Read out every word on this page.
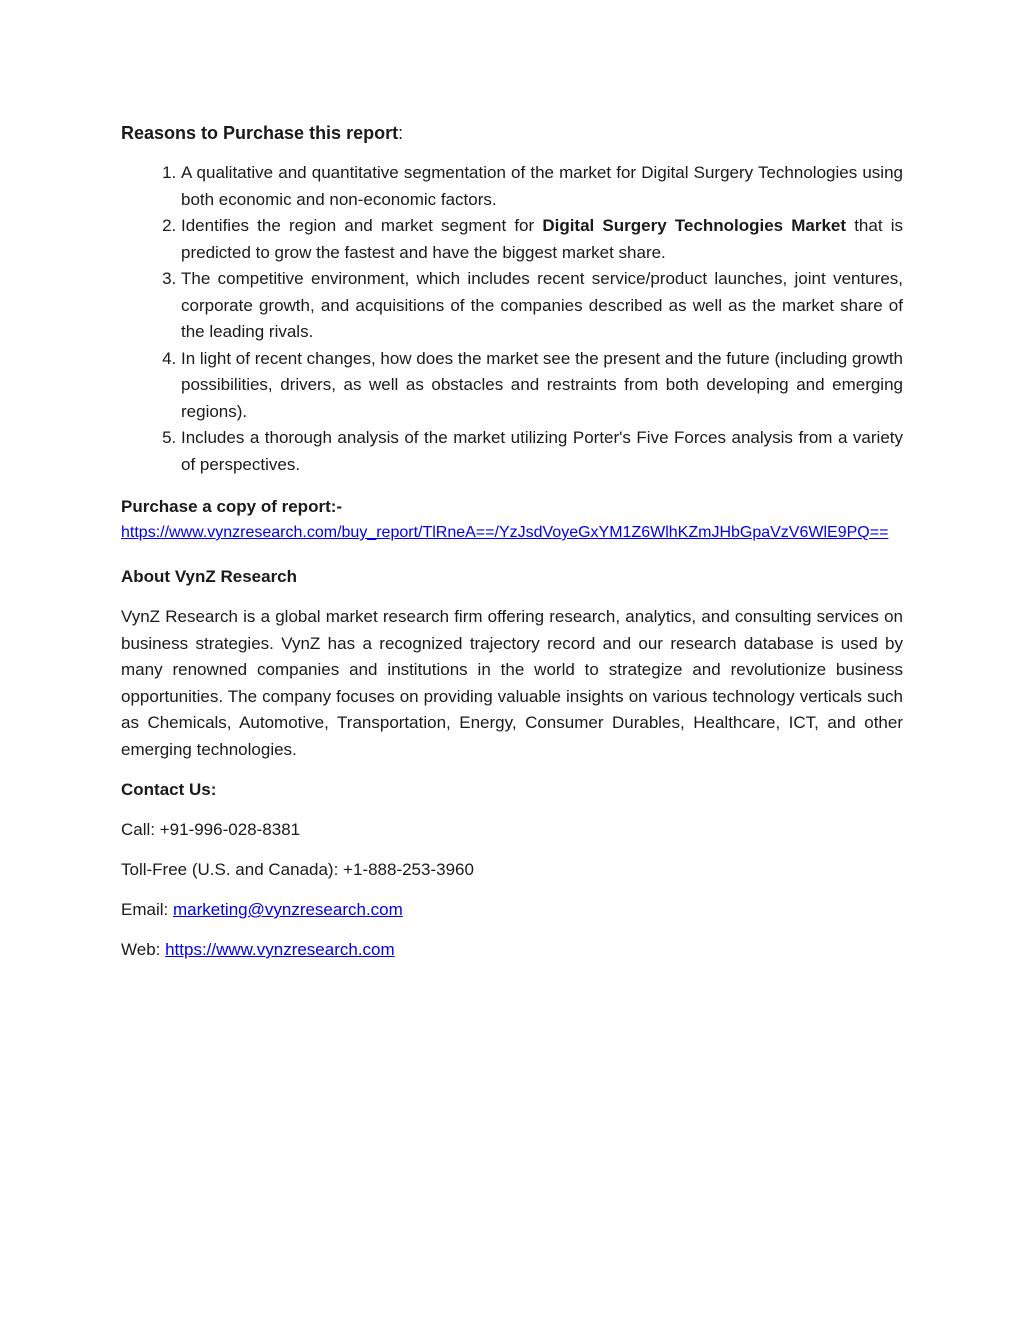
Reasons to Purchase this report:
1. A qualitative and quantitative segmentation of the market for Digital Surgery Technologies using both economic and non-economic factors.
2. Identifies the region and market segment for Digital Surgery Technologies Market that is predicted to grow the fastest and have the biggest market share.
3. The competitive environment, which includes recent service/product launches, joint ventures, corporate growth, and acquisitions of the companies described as well as the market share of the leading rivals.
4. In light of recent changes, how does the market see the present and the future (including growth possibilities, drivers, as well as obstacles and restraints from both developing and emerging regions).
5. Includes a thorough analysis of the market utilizing Porter's Five Forces analysis from a variety of perspectives.

Purchase a copy of report:-

https://www.vynzresearch.com/buy_report/TlRneA==/YzJsdVoyeGxYM1Z6WlhKZmJHbGpaVzV6WlE9PQ==

About VynZ Research

VynZ Research is a global market research firm offering research, analytics, and consulting services on business strategies. VynZ has a recognized trajectory record and our research database is used by many renowned companies and institutions in the world to strategize and revolutionize business opportunities. The company focuses on providing valuable insights on various technology verticals such as Chemicals, Automotive, Transportation, Energy, Consumer Durables, Healthcare, ICT, and other emerging technologies.

Contact Us:

Call: +91-996-028-8381

Toll-Free (U.S. and Canada): +1-888-253-3960

Email: marketing@vynzresearch.com

Web: https://www.vynzresearch.com
